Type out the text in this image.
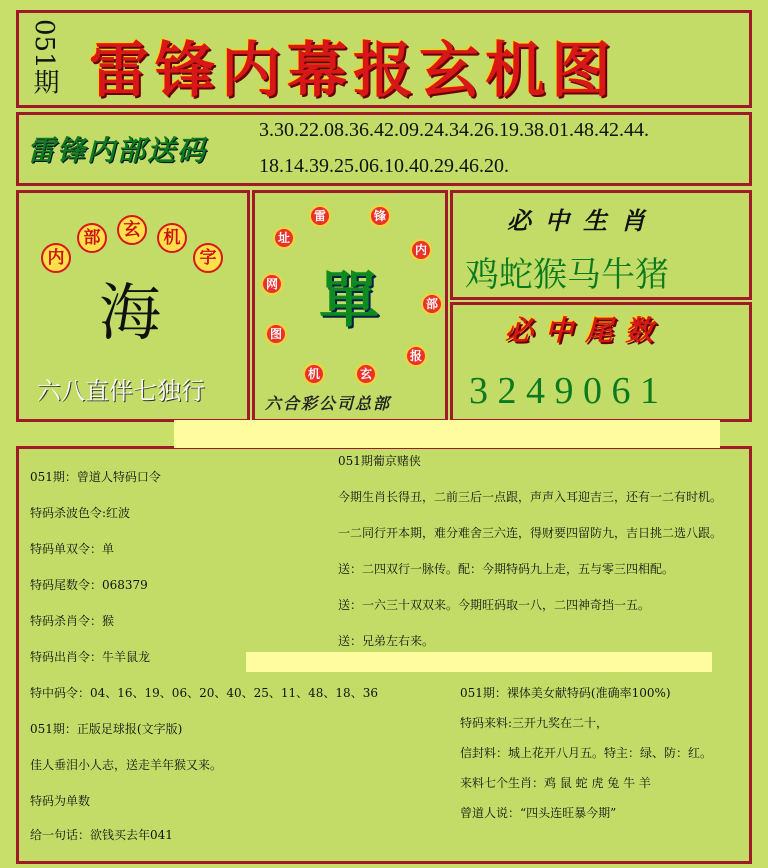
051期 雷锋内幕报玄机图
雷锋内部送码
3.30.22.08.36.42.09.24.34.26.19.38.01.48.42.44.
18.14.39.25.06.10.40.29.46.20.
内
部	玄	机
字
海
六八直伴七独行
雷	锋
内
部
报
玄
机
图
网
址
單
六合彩公司总部
必中生肖
鸡蛇猴马牛猪
必中尾数
3 2 4 9 0 6 1
051期：曾道人特码口令
特码杀波色令:红波
特码单双令：单
特码尾数令：068379
特码杀肖令：猴
特码出肖令：牛羊鼠龙
特中码令：04、16、19、06、20、40、25、11、48、18、36
051期：正版足球报(文字版)
佳人垂泪小人志，送走羊年猴又来。
特码为单数
给一句话：欲钱买去年041
051期葡京赌侠
今期生肖长得丑，二前三后一点跟，声声入耳迎吉三，还有一二有时机。
一二同行开本期，难分难舍三六连，得财要四留防九，吉日挑二选八跟。
送：二四双行一脉传。配：今期特码九上走，五与零三四相配。
送：一六三十双双来。今期旺码取一八，二四神奇挡一五。
送：兄弟左右来。
051期：裸体美女献特码(准确率100%)
特码来料:三开九奖在二十，
信封料：城上花开八月五。特主：绿、防：红。
来料七个生肖：鸡 鼠 蛇 虎 兔 牛 羊
曾道人说：“四头连旺暴今期”
